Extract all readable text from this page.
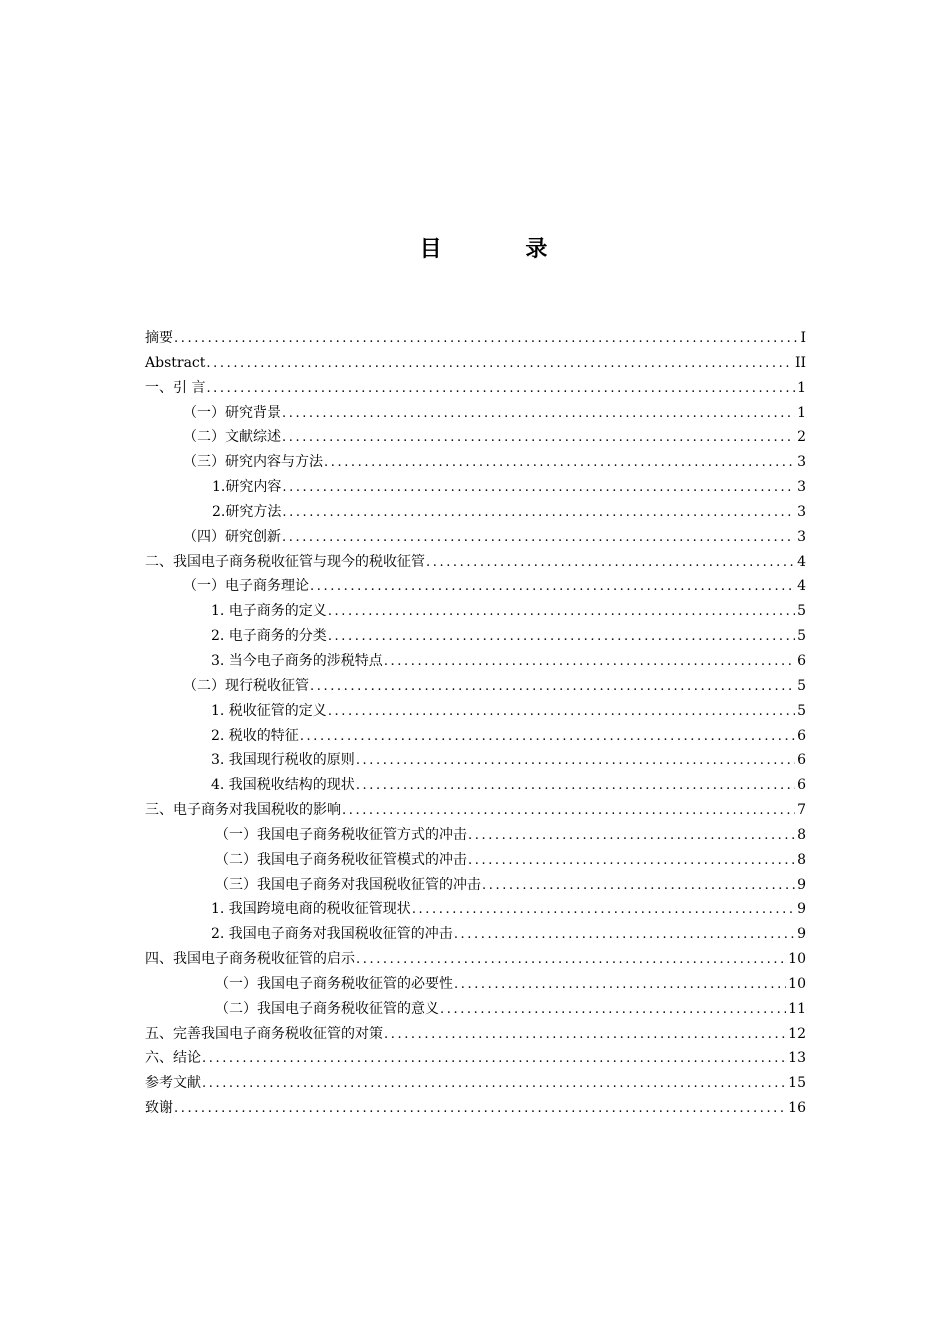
目 录
摘要 .....	I
Abstract .....	II
一、引 言 .....	1
（一）研究背景 .....	1
（二）文献综述 .....	2
（三）研究内容与方法 .....	3
1.研究内容 .....	3
2.研究方法 .....	3
（四）研究创新 .....	3
二、我国电子商务税收征管与现今的税收征管 .....	4
（一）电子商务理论 .....	4
1. 电子商务的定义 .....	5
2. 电子商务的分类 .....	5
3. 当今电子商务的涉税特点 .....	6
（二）现行税收征管 .....	5
1. 税收征管的定义 .....	5
2. 税收的特征 .....	6
3. 我国现行税收的原则 .....	6
4. 我国税收结构的现状 .....	6
三、电子商务对我国税收的影响 .....	7
（一）我国电子商务税收征管方式的冲击 .....	8
（二）我国电子商务税收征管模式的冲击 .....	8
（三）我国电子商务对我国税收征管的冲击 .....	9
1. 我国跨境电商的税收征管现状 .....	9
2. 我国电子商务对我国税收征管的冲击 .....	9
四、我国电子商务税收征管的启示 .....	10
（一）我国电子商务税收征管的必要性 .....	10
（二）我国电子商务税收征管的意义 .....	11
五、完善我国电子商务税收征管的对策 .....	12
六、结论 .....	13
参考文献 .....	15
致谢 .....	16
